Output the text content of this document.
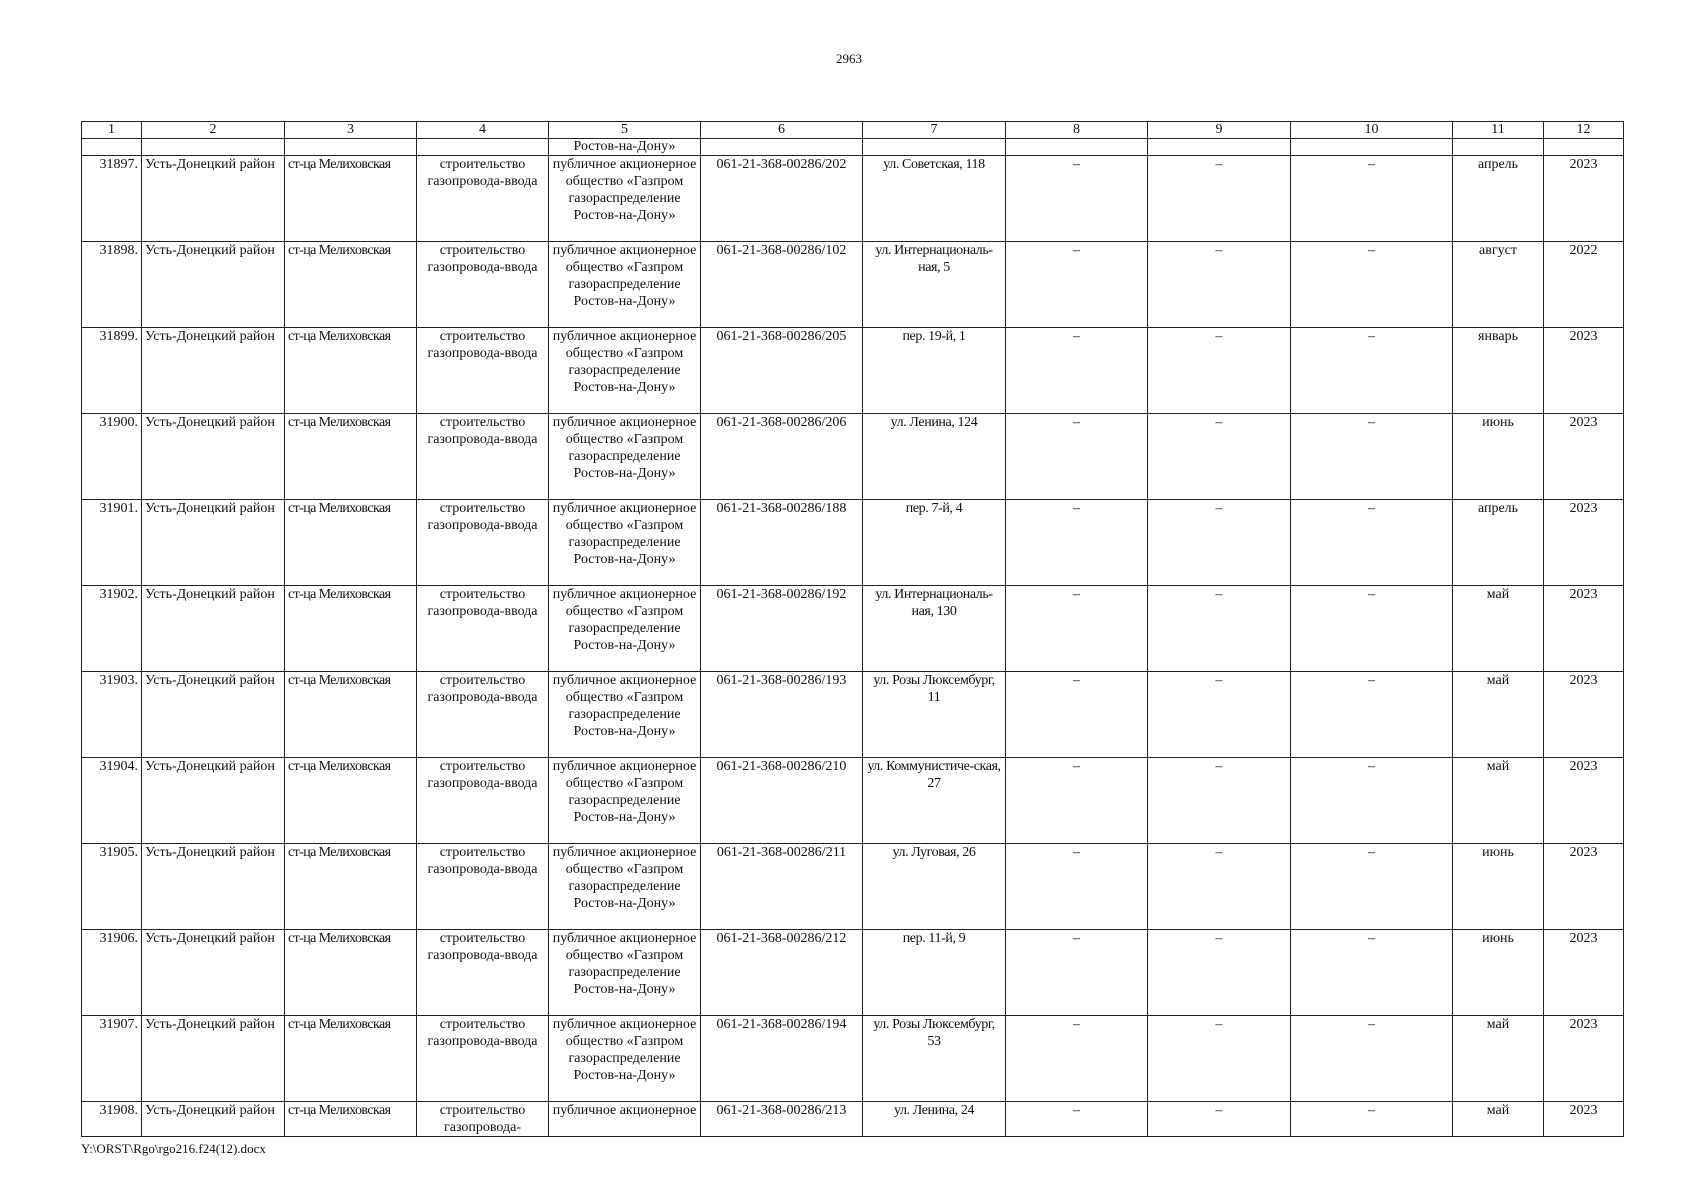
2963
1	2	3	4	5	6	7	8	9	10	11	12
				Ростов-на-Дону»							
31897.	Усть-Донецкий район	ст-ца Мелиховская	строительство газопровода-ввода	публичное акционерное общество «Газпром газораспределение Ростов-на-Дону»	061-21-368-00286/202	ул. Советская, 118	–	–	–	апрель	2023
31898.	Усть-Донецкий район	ст-ца Мелиховская	строительство газопровода-ввода	публичное акционерное общество «Газпром газораспределение Ростов-на-Дону»	061-21-368-00286/102	ул. Интернациональ-ная, 5	–	–	–	август	2022
31899.	Усть-Донецкий район	ст-ца Мелиховская	строительство газопровода-ввода	публичное акционерное общество «Газпром газораспределение Ростов-на-Дону»	061-21-368-00286/205	пер. 19-й, 1	–	–	–	январь	2023
31900.	Усть-Донецкий район	ст-ца Мелиховская	строительство газопровода-ввода	публичное акционерное общество «Газпром газораспределение Ростов-на-Дону»	061-21-368-00286/206	ул. Ленина, 124	–	–	–	июнь	2023
31901.	Усть-Донецкий район	ст-ца Мелиховская	строительство газопровода-ввода	публичное акционерное общество «Газпром газораспределение Ростов-на-Дону»	061-21-368-00286/188	пер. 7-й, 4	–	–	–	апрель	2023
31902.	Усть-Донецкий район	ст-ца Мелиховская	строительство газопровода-ввода	публичное акционерное общество «Газпром газораспределение Ростов-на-Дону»	061-21-368-00286/192	ул. Интернациональ-ная, 130	–	–	–	май	2023
31903.	Усть-Донецкий район	ст-ца Мелиховская	строительство газопровода-ввода	публичное акционерное общество «Газпром газораспределение Ростов-на-Дону»	061-21-368-00286/193	ул. Розы Люксембург, 11	–	–	–	май	2023
31904.	Усть-Донецкий район	ст-ца Мелиховская	строительство газопровода-ввода	публичное акционерное общество «Газпром газораспределение Ростов-на-Дону»	061-21-368-00286/210	ул. Коммунистиче-ская, 27	–	–	–	май	2023
31905.	Усть-Донецкий район	ст-ца Мелиховская	строительство газопровода-ввода	публичное акционерное общество «Газпром газораспределение Ростов-на-Дону»	061-21-368-00286/211	ул. Луговая, 26	–	–	–	июнь	2023
31906.	Усть-Донецкий район	ст-ца Мелиховская	строительство газопровода-ввода	публичное акционерное общество «Газпром газораспределение Ростов-на-Дону»	061-21-368-00286/212	пер. 11-й, 9	–	–	–	июнь	2023
31907.	Усть-Донецкий район	ст-ца Мелиховская	строительство газопровода-ввода	публичное акционерное общество «Газпром газораспределение Ростов-на-Дону»	061-21-368-00286/194	ул. Розы Люксембург, 53	–	–	–	май	2023
31908.	Усть-Донецкий район	ст-ца Мелиховская	строительство газопровода-	публичное акционерное	061-21-368-00286/213	ул. Ленина, 24	–	–	–	май	2023
Y:\ORST\Rgo\rgo216.f24(12).docx
